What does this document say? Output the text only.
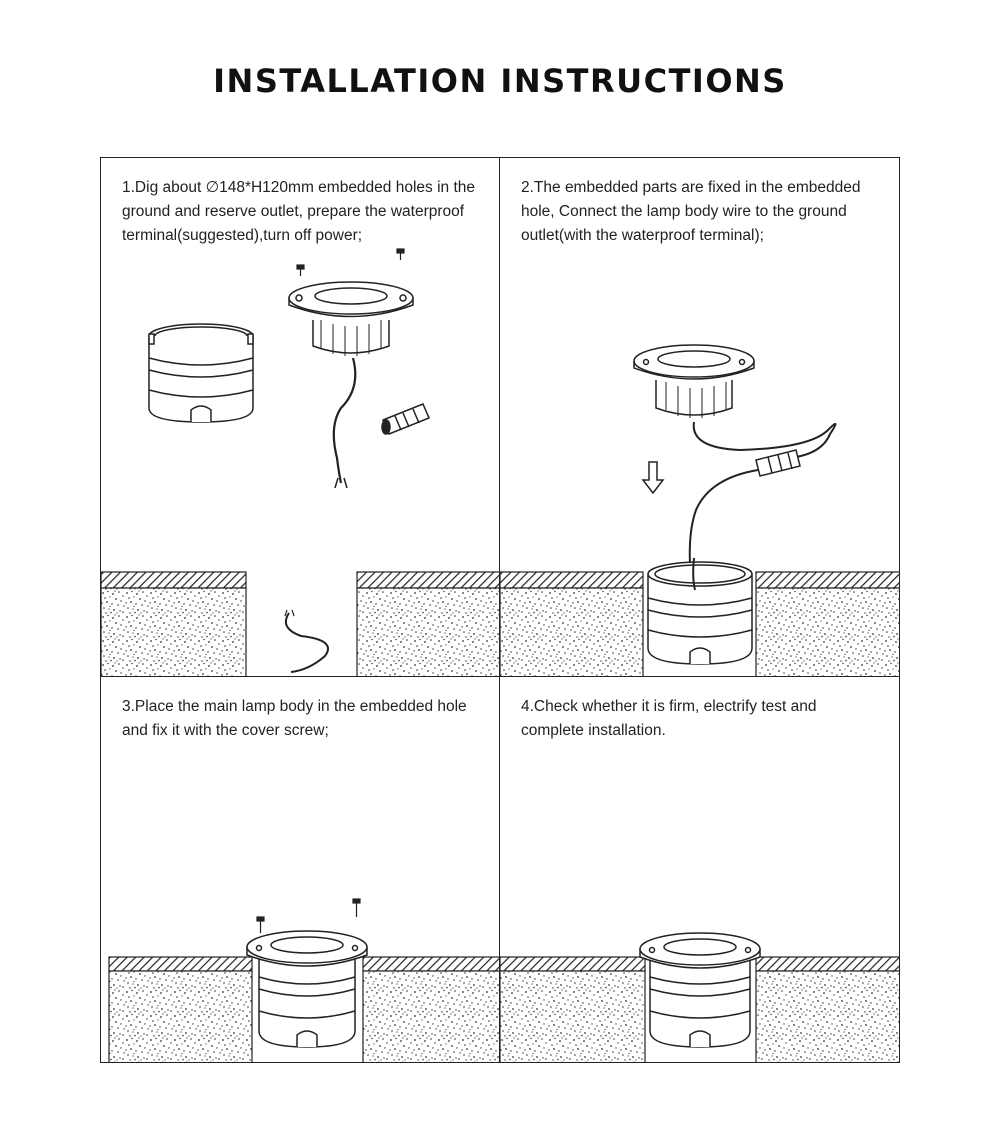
INSTALLATION INSTRUCTIONS

1.Dig about ∅148*H120mm embedded holes in the ground and reserve outlet, prepare the waterproof terminal(suggested),turn off power;

2.The embedded parts are fixed in the embedded hole, Connect the lamp body wire to the ground outlet(with the waterproof terminal);

3.Place the main lamp body in the embedded hole and fix it with the cover screw;

4.Check whether it is firm, electrify test and complete installation.
